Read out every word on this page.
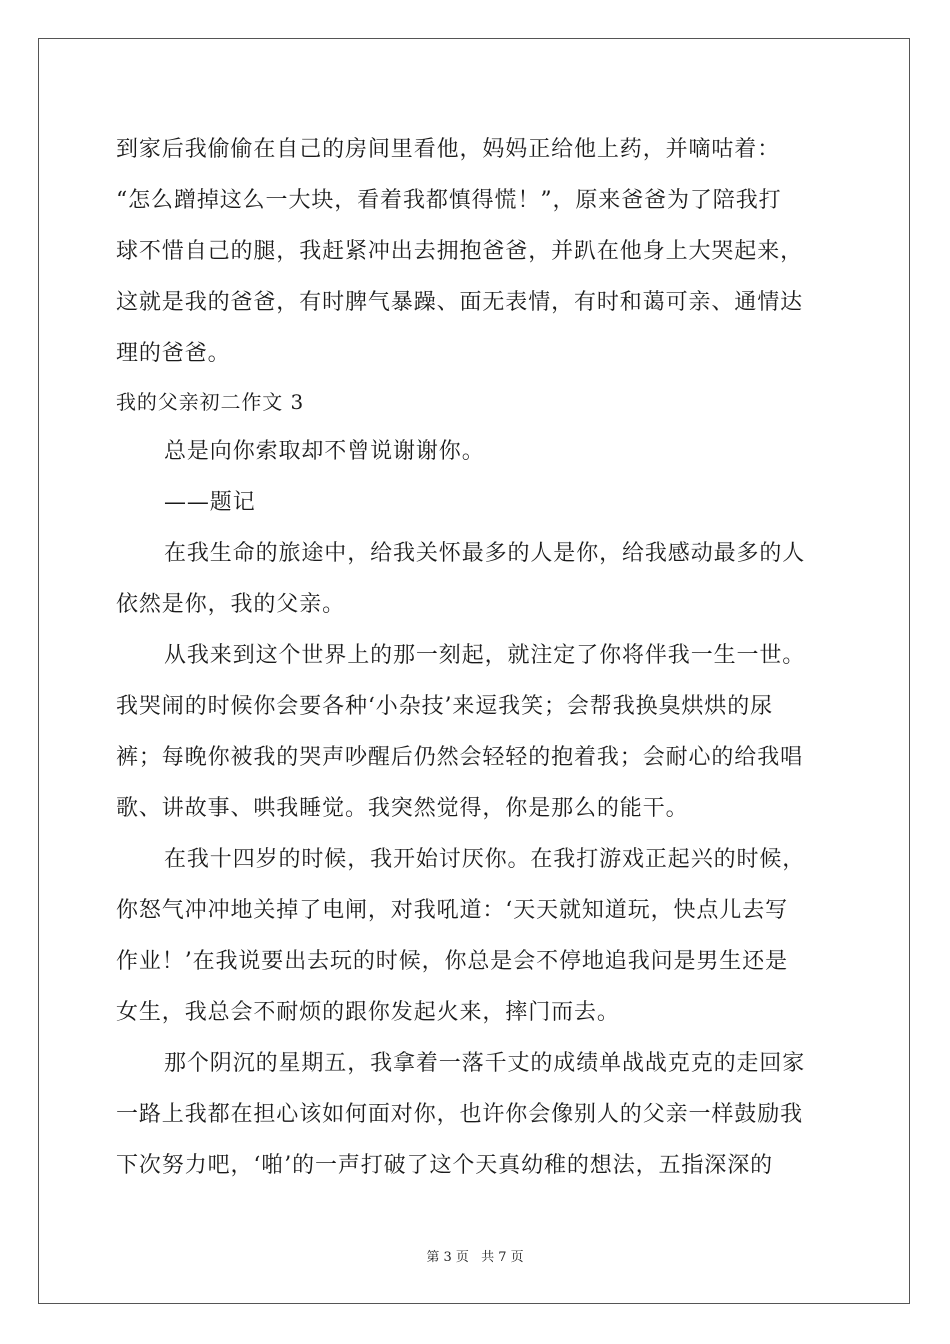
到家后我偷偷在自己的房间里看他，妈妈正给他上药，并嘀咕着：
“怎么蹭掉这么一大块，看着我都慎得慌！”，原来爸爸为了陪我打
球不惜自己的腿，我赶紧冲出去拥抱爸爸，并趴在他身上大哭起来，
这就是我的爸爸，有时脾气暴躁、面无表情，有时和蔼可亲、通情达
理的爸爸。
我的父亲初二作文 3
总是向你索取却不曾说谢谢你。
——题记
在我生命的旅途中，给我关怀最多的人是你，给我感动最多的人
依然是你，我的父亲。
从我来到这个世界上的那一刻起，就注定了你将伴我一生一世。
我哭闹的时候你会要各种‘小杂技’来逗我笑；会帮我换臭烘烘的尿
裤；每晚你被我的哭声吵醒后仍然会轻轻的抱着我；会耐心的给我唱
歌、讲故事、哄我睡觉。我突然觉得，你是那么的能干。
在我十四岁的时候，我开始讨厌你。在我打游戏正起兴的时候，
你怒气冲冲地关掉了电闸，对我吼道：‘天天就知道玩，快点儿去写
作业！’在我说要出去玩的时候，你总是会不停地追我问是男生还是
女生，我总会不耐烦的跟你发起火来，摔门而去。
那个阴沉的星期五，我拿着一落千丈的成绩单战战克克的走回家
一路上我都在担心该如何面对你，也许你会像别人的父亲一样鼓励我
下次努力吧，‘啪’的一声打破了这个天真幼稚的想法，五指深深的
第 3 页 共 7 页
